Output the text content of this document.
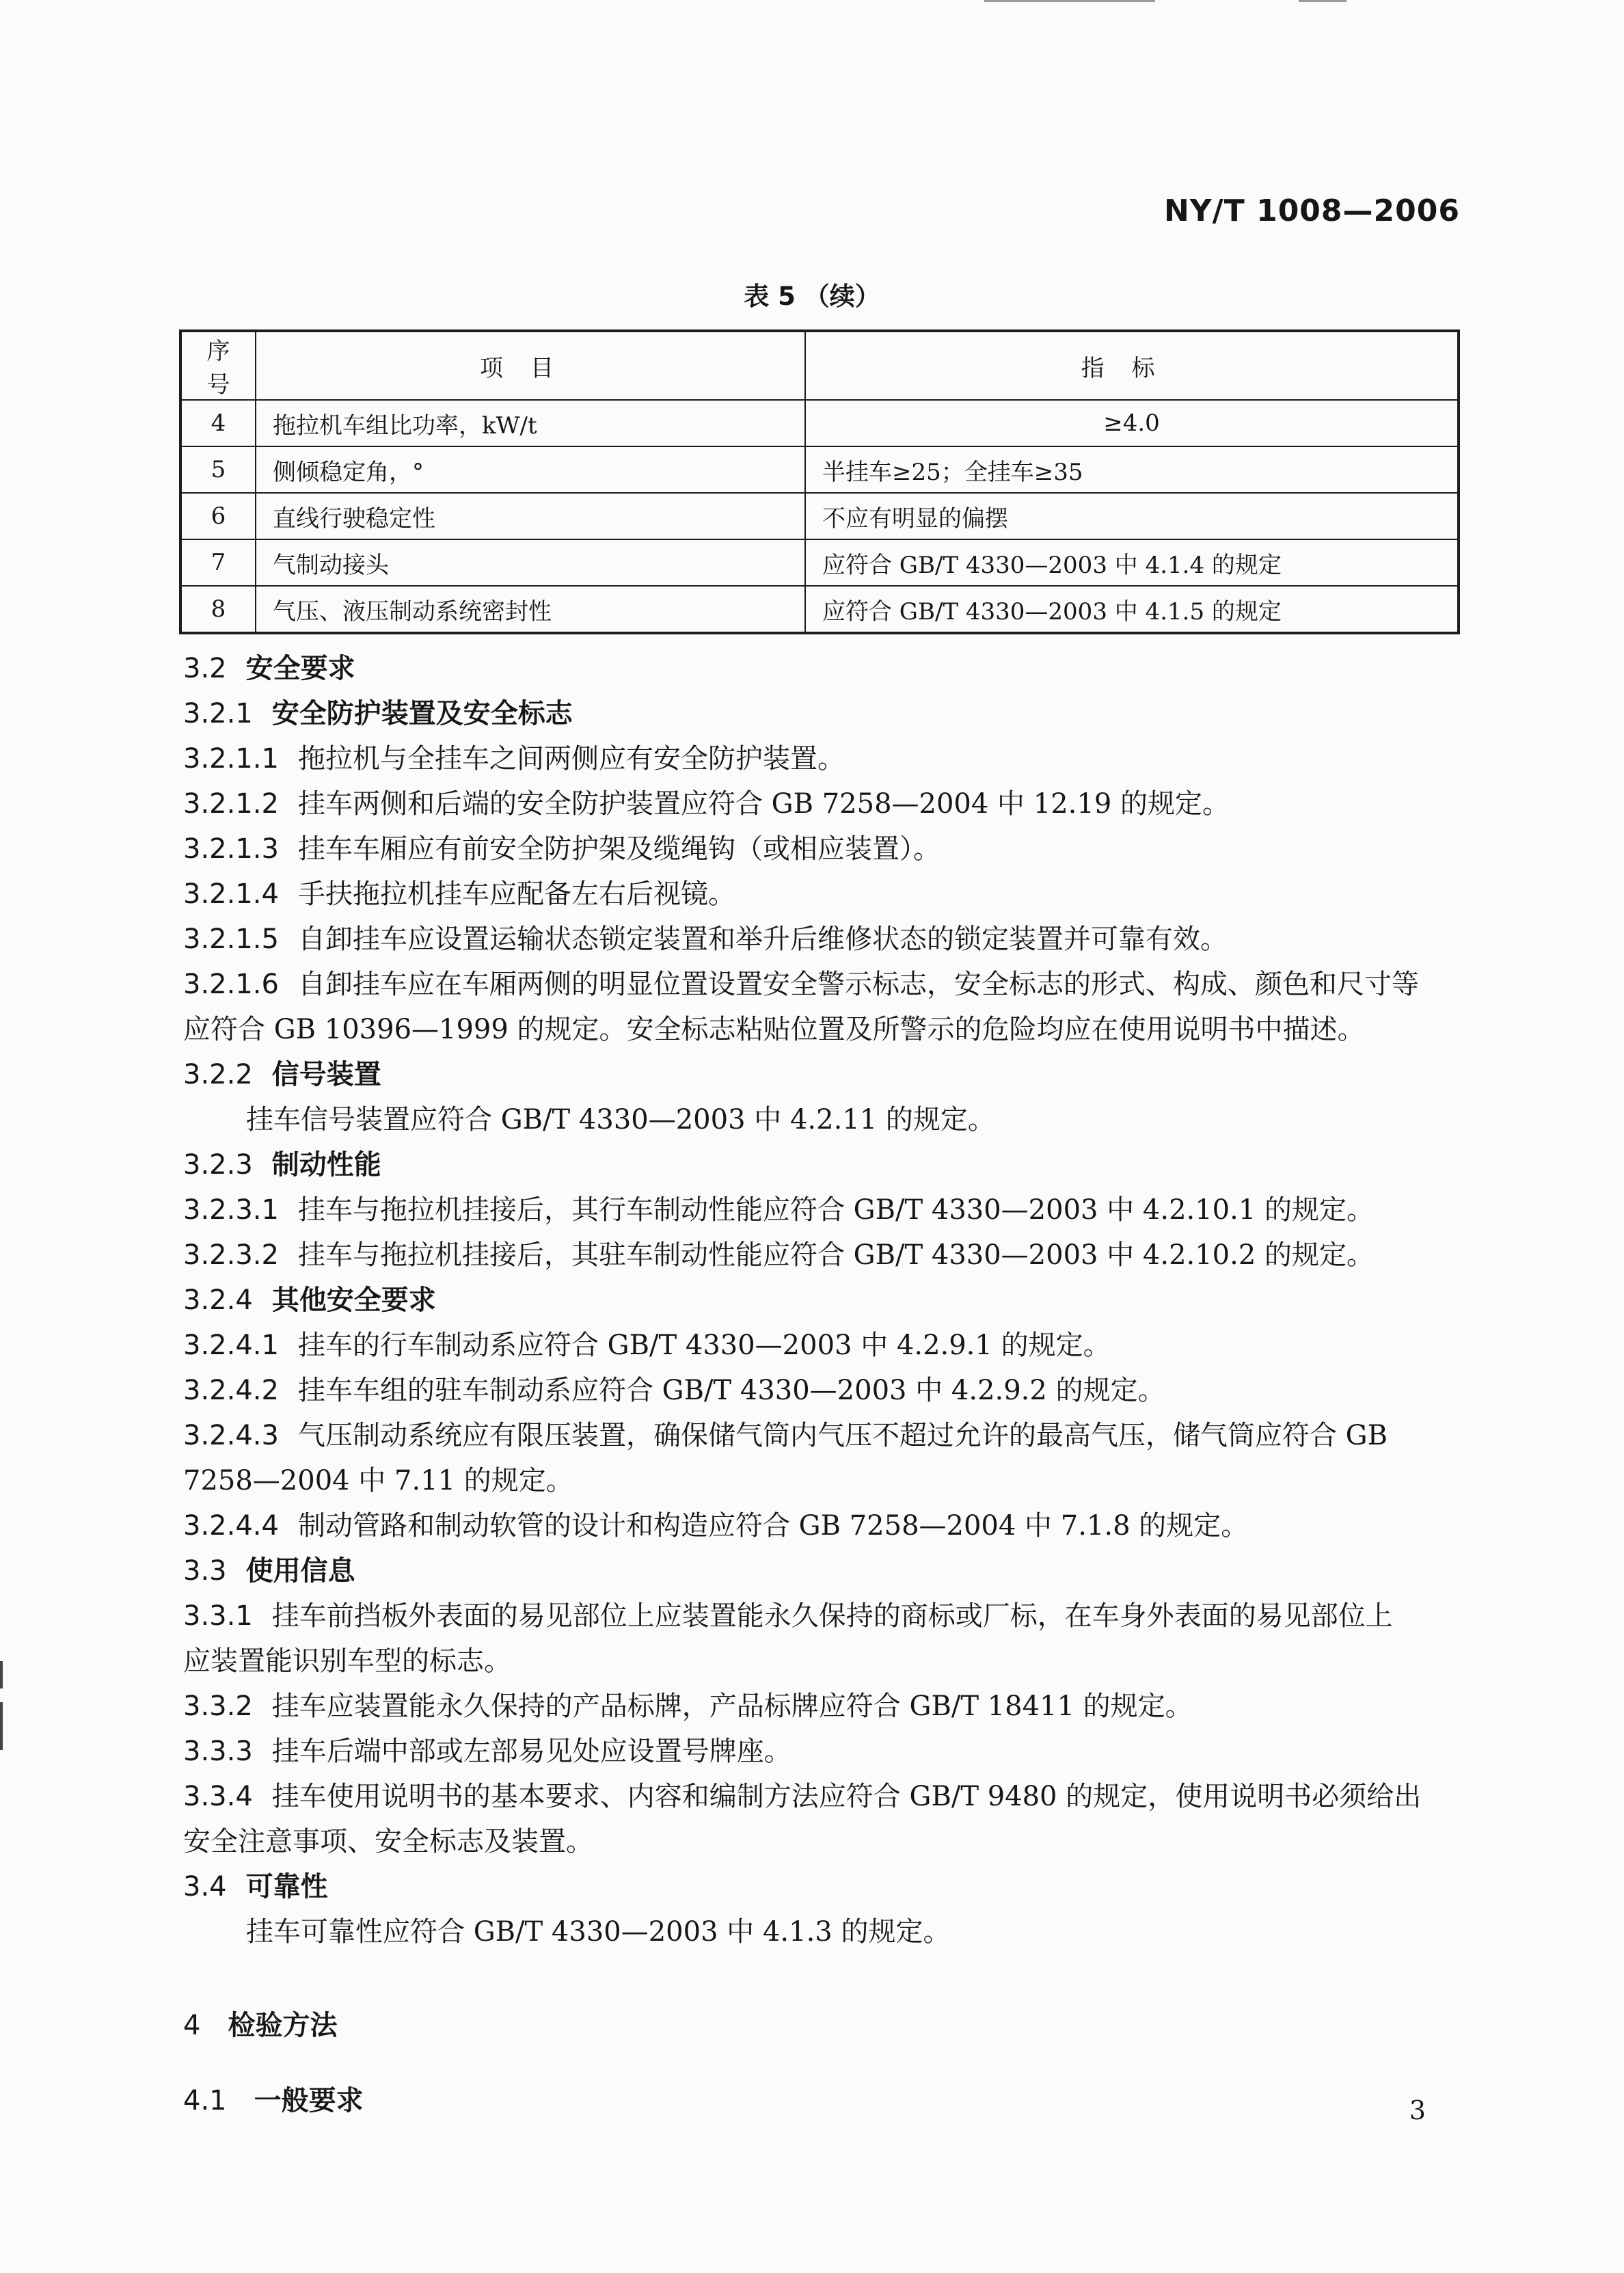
NY/T 1008—2006
表 5 （续）
序号	项目	指标
4	拖拉机车组比功率，kW/t	≥4.0
5	侧倾稳定角，°	半挂车≥25；全挂车≥35
6	直线行驶稳定性	不应有明显的偏摆
7	气制动接头	应符合 GB/T 4330—2003 中 4.1.4 的规定
8	气压、液压制动系统密封性	应符合 GB/T 4330—2003 中 4.1.5 的规定
3.2 安全要求
3.2.1 安全防护装置及安全标志
3.2.1.1 拖拉机与全挂车之间两侧应有安全防护装置。
3.2.1.2 挂车两侧和后端的安全防护装置应符合 GB 7258—2004 中 12.19 的规定。
3.2.1.3 挂车车厢应有前安全防护架及缆绳钩（或相应装置）。
3.2.1.4 手扶拖拉机挂车应配备左右后视镜。
3.2.1.5 自卸挂车应设置运输状态锁定装置和举升后维修状态的锁定装置并可靠有效。
3.2.1.6 自卸挂车应在车厢两侧的明显位置设置安全警示标志，安全标志的形式、构成、颜色和尺寸等
应符合 GB 10396—1999 的规定。安全标志粘贴位置及所警示的危险均应在使用说明书中描述。
3.2.2 信号装置
挂车信号装置应符合 GB/T 4330—2003 中 4.2.11 的规定。
3.2.3 制动性能
3.2.3.1 挂车与拖拉机挂接后，其行车制动性能应符合 GB/T 4330—2003 中 4.2.10.1 的规定。
3.2.3.2 挂车与拖拉机挂接后，其驻车制动性能应符合 GB/T 4330—2003 中 4.2.10.2 的规定。
3.2.4 其他安全要求
3.2.4.1 挂车的行车制动系应符合 GB/T 4330—2003 中 4.2.9.1 的规定。
3.2.4.2 挂车车组的驻车制动系应符合 GB/T 4330—2003 中 4.2.9.2 的规定。
3.2.4.3 气压制动系统应有限压装置，确保储气筒内气压不超过允许的最高气压，储气筒应符合 GB
7258—2004 中 7.11 的规定。
3.2.4.4 制动管路和制动软管的设计和构造应符合 GB 7258—2004 中 7.1.8 的规定。
3.3 使用信息
3.3.1 挂车前挡板外表面的易见部位上应装置能永久保持的商标或厂标，在车身外表面的易见部位上
应装置能识别车型的标志。
3.3.2 挂车应装置能永久保持的产品标牌，产品标牌应符合 GB/T 18411 的规定。
3.3.3 挂车后端中部或左部易见处应设置号牌座。
3.3.4 挂车使用说明书的基本要求、内容和编制方法应符合 GB/T 9480 的规定，使用说明书必须给出
安全注意事项、安全标志及装置。
3.4 可靠性
挂车可靠性应符合 GB/T 4330—2003 中 4.1.3 的规定。
4 检验方法
4.1 一般要求	3
